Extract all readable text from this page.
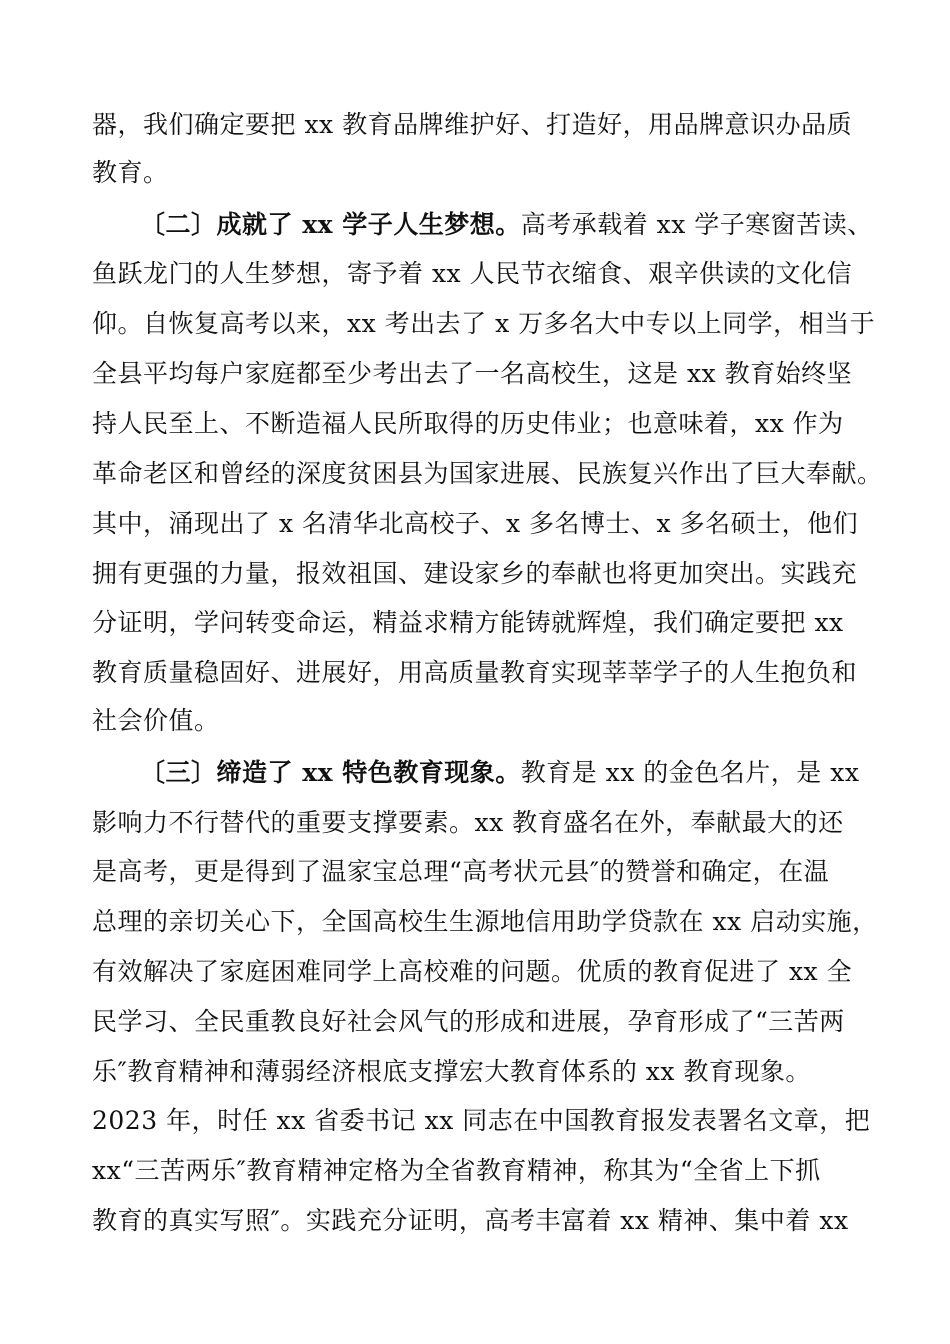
器，我们确定要把 xx 教育品牌维护好、打造好，用品牌意识办品质
教育。
〔二〕成就了 xx 学子人生梦想。高考承载着 xx 学子寒窗苦读、
鱼跃龙门的人生梦想，寄予着 xx 人民节衣缩食、艰辛供读的文化信
仰。自恢复高考以来，xx 考出去了 x 万多名大中专以上同学，相当于
全县平均每户家庭都至少考出去了一名高校生，这是 xx 教育始终坚
持人民至上、不断造福人民所取得的历史伟业；也意味着，xx 作为
革命老区和曾经的深度贫困县为国家进展、民族复兴作出了巨大奉献。
其中，涌现出了 x 名清华北高校子、x 多名博士、x 多名硕士，他们
拥有更强的力量，报效祖国、建设家乡的奉献也将更加突出。实践充
分证明，学问转变命运，精益求精方能铸就辉煌，我们确定要把 xx
教育质量稳固好、进展好，用高质量教育实现莘莘学子的人生抱负和
社会价值。
〔三〕缔造了 xx 特色教育现象。教育是 xx 的金色名片，是 xx
影响力不行替代的重要支撑要素。xx 教育盛名在外，奉献最大的还
是高考，更是得到了温家宝总理“高考状元县″的赞誉和确定，在温
总理的亲切关心下，全国高校生生源地信用助学贷款在 xx 启动实施，
有效解决了家庭困难同学上高校难的问题。优质的教育促进了 xx 全
民学习、全民重教良好社会风气的形成和进展，孕育形成了“三苦两
乐″教育精神和薄弱经济根底支撑宏大教育体系的 xx 教育现象。
2023 年，时任 xx 省委书记 xx 同志在中国教育报发表署名文章，把
xx“三苦两乐″教育精神定格为全省教育精神，称其为“全省上下抓
教育的真实写照″。实践充分证明，高考丰富着 xx 精神、集中着 xx
